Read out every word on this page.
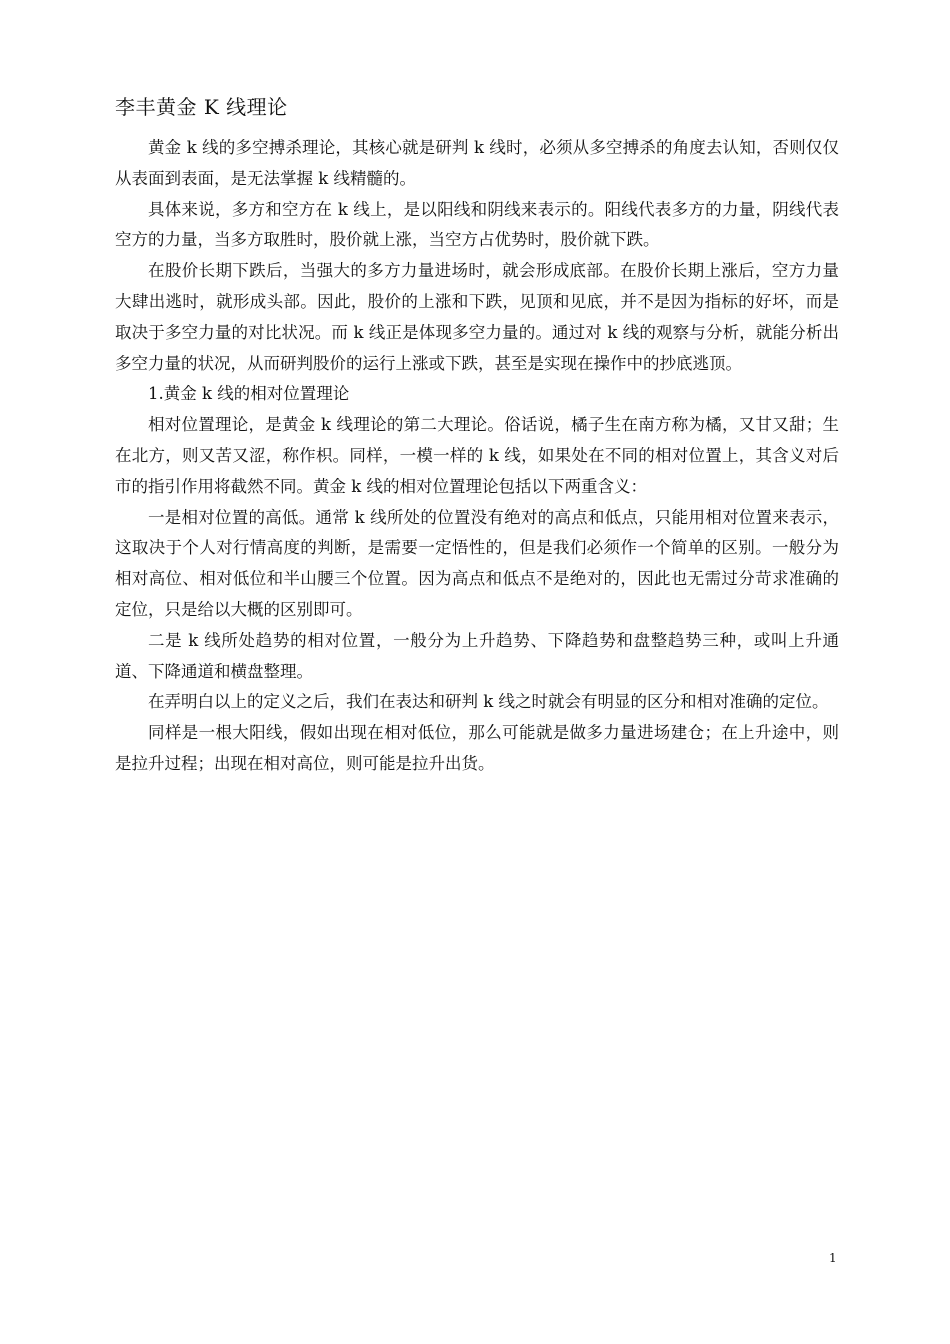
李丰黄金 K 线理论

黄金 k 线的多空搏杀理论，其核心就是研判 k 线时，必须从多空搏杀的角度去认知，否则仅仅从表面到表面，是无法掌握 k 线精髓的。

具体来说，多方和空方在 k 线上，是以阳线和阴线来表示的。阳线代表多方的力量，阴线代表空方的力量，当多方取胜时，股价就上涨，当空方占优势时，股价就下跌。

在股价长期下跌后，当强大的多方力量进场时，就会形成底部。在股价长期上涨后，空方力量大肆出逃时，就形成头部。因此，股价的上涨和下跌，见顶和见底，并不是因为指标的好坏，而是取决于多空力量的对比状况。而 k 线正是体现多空力量的。通过对 k 线的观察与分析，就能分析出多空力量的状况，从而研判股价的运行上涨或下跌，甚至是实现在操作中的抄底逃顶。

1.黄金 k 线的相对位置理论

相对位置理论，是黄金 k 线理论的第二大理论。俗话说，橘子生在南方称为橘，又甘又甜；生在北方，则又苦又涩，称作枳。同样，一模一样的 k 线，如果处在不同的相对位置上，其含义对后市的指引作用将截然不同。黄金 k 线的相对位置理论包括以下两重含义：

一是相对位置的高低。通常 k 线所处的位置没有绝对的高点和低点，只能用相对位置来表示，这取决于个人对行情高度的判断，是需要一定悟性的，但是我们必须作一个简单的区别。一般分为相对高位、相对低位和半山腰三个位置。因为高点和低点不是绝对的，因此也无需过分苛求准确的定位，只是给以大概的区别即可。

二是 k 线所处趋势的相对位置，一般分为上升趋势、下降趋势和盘整趋势三种，或叫上升通道、下降通道和横盘整理。

在弄明白以上的定义之后，我们在表达和研判 k 线之时就会有明显的区分和相对准确的定位。

同样是一根大阳线，假如出现在相对低位，那么可能就是做多力量进场建仓；在上升途中，则是拉升过程；出现在相对高位，则可能是拉升出货。

1
